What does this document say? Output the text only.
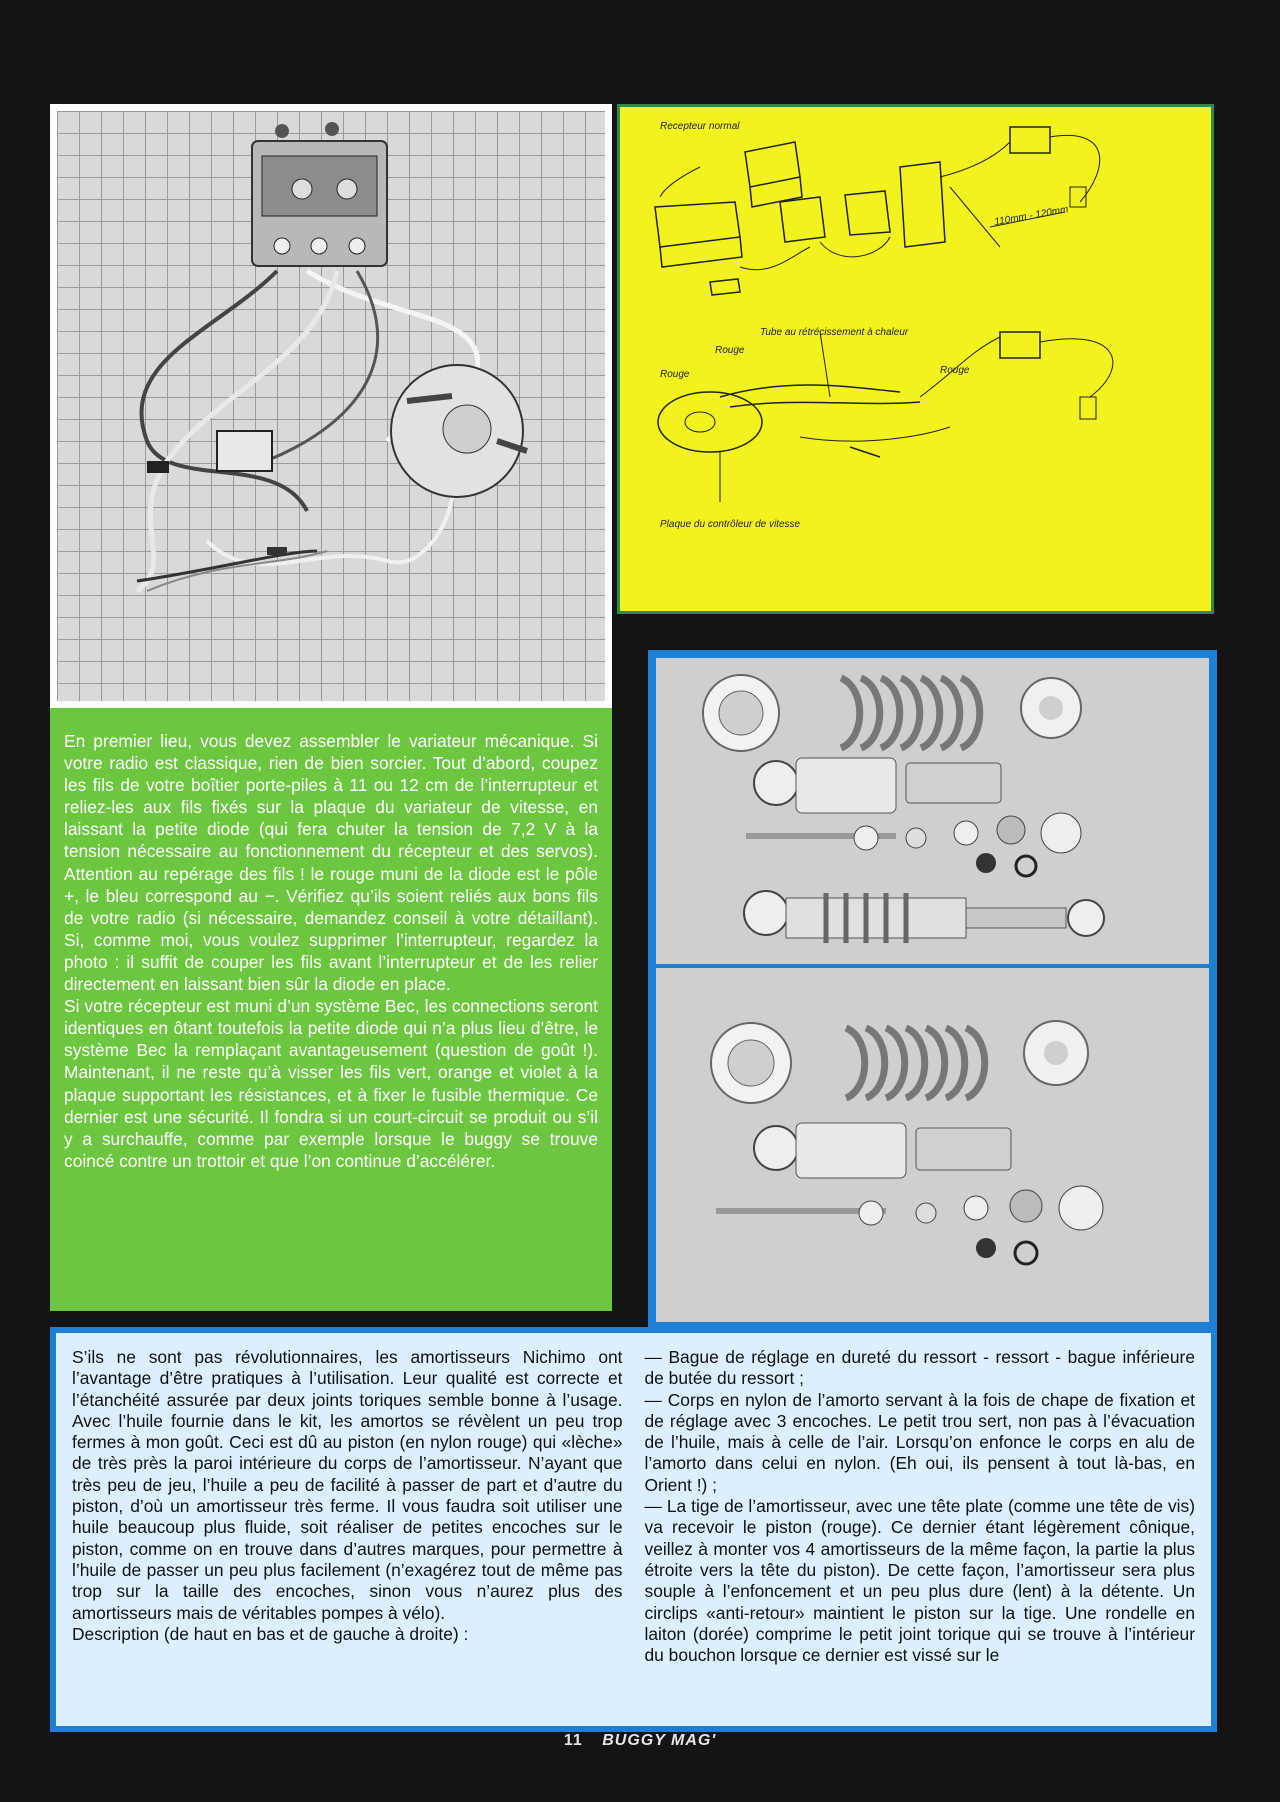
Recepteur normal
110mm - 120mm
Tube au rétrécissement à chaleur
Rouge
Rouge	Rouge
Plaque du contrôleur de vitesse

En premier lieu, vous devez assembler le variateur mécanique. Si votre radio est classique, rien de bien sorcier. Tout d’abord, coupez les fils de votre boîtier porte-piles à 11 ou 12 cm de l’interrupteur et reliez-les aux fils fixés sur la plaque du variateur de vitesse, en laissant la petite diode (qui fera chuter la tension de 7,2 V à la tension nécessaire au fonctionnement du récepteur et des servos). Attention au repérage des fils ! le rouge muni de la diode est le pôle +, le bleu correspond au −. Vérifiez qu’ils soient reliés aux bons fils de votre radio (si nécessaire, demandez conseil à votre détaillant). Si, comme moi, vous voulez supprimer l’interrupteur, regardez la photo : il suffit de couper les fils avant l’interrupteur et de les relier directement en laissant bien sûr la diode en place.

Si votre récepteur est muni d’un système Bec, les connections seront identiques en ôtant toutefois la petite diode qui n’a plus lieu d’être, le système Bec la remplaçant avantageusement (question de goût !). Maintenant, il ne reste qu’à visser les fils vert, orange et violet à la plaque supportant les résistances, et à fixer le fusible thermique. Ce dernier est une sécurité. Il fondra si un court-circuit se produit ou s’il y a surchauffe, comme par exemple lorsque le buggy se trouve coincé contre un trottoir et que l’on continue d’accélérer.

S’ils ne sont pas révolutionnaires, les amortisseurs Nichimo ont l’avantage d’être pratiques à l’utilisation. Leur qualité est correcte et l’étanchéité assurée par deux joints toriques semble bonne à l’usage. Avec l’huile fournie dans le kit, les amortos se révèlent un peu trop fermes à mon goût. Ceci est dû au piston (en nylon rouge) qui «lèche» de très près la paroi intérieure du corps de l’amortisseur. N’ayant que très peu de jeu, l’huile a peu de facilité à passer de part et d’autre du piston, d’où un amortisseur très ferme. Il vous faudra soit utiliser une huile beaucoup plus fluide, soit réaliser de petites encoches sur le piston, comme on en trouve dans d’autres marques, pour permettre à l’huile de passer un peu plus facilement (n’exagérez tout de même pas trop sur la taille des encoches, sinon vous n’aurez plus des amortisseurs mais de véritables pompes à vélo).

Description (de haut en bas et de gauche à droite) :

— Bague de réglage en dureté du ressort - ressort - bague inférieure de butée du ressort ;

— Corps en nylon de l’amorto servant à la fois de chape de fixation et de réglage avec 3 encoches. Le petit trou sert, non pas à l’évacuation de l’huile, mais à celle de l’air. Lorsqu’on enfonce le corps en alu de l’amorto dans celui en nylon. (Eh oui, ils pensent à tout là-bas, en Orient !) ;

— La tige de l’amortisseur, avec une tête plate (comme une tête de vis) va recevoir le piston (rouge). Ce dernier étant légèrement cônique, veillez à monter vos 4 amortisseurs de la même façon, la partie la plus étroite vers la tête du piston). De cette façon, l’amortisseur sera plus souple à l’enfoncement et un peu plus dure (lent) à la détente. Un circlips «anti-retour» maintient le piston sur la tige. Une rondelle en laiton (dorée) comprime le petit joint torique qui se trouve à l’intérieur du bouchon lorsque ce dernier est vissé sur le

11 BUGGY MAG'
